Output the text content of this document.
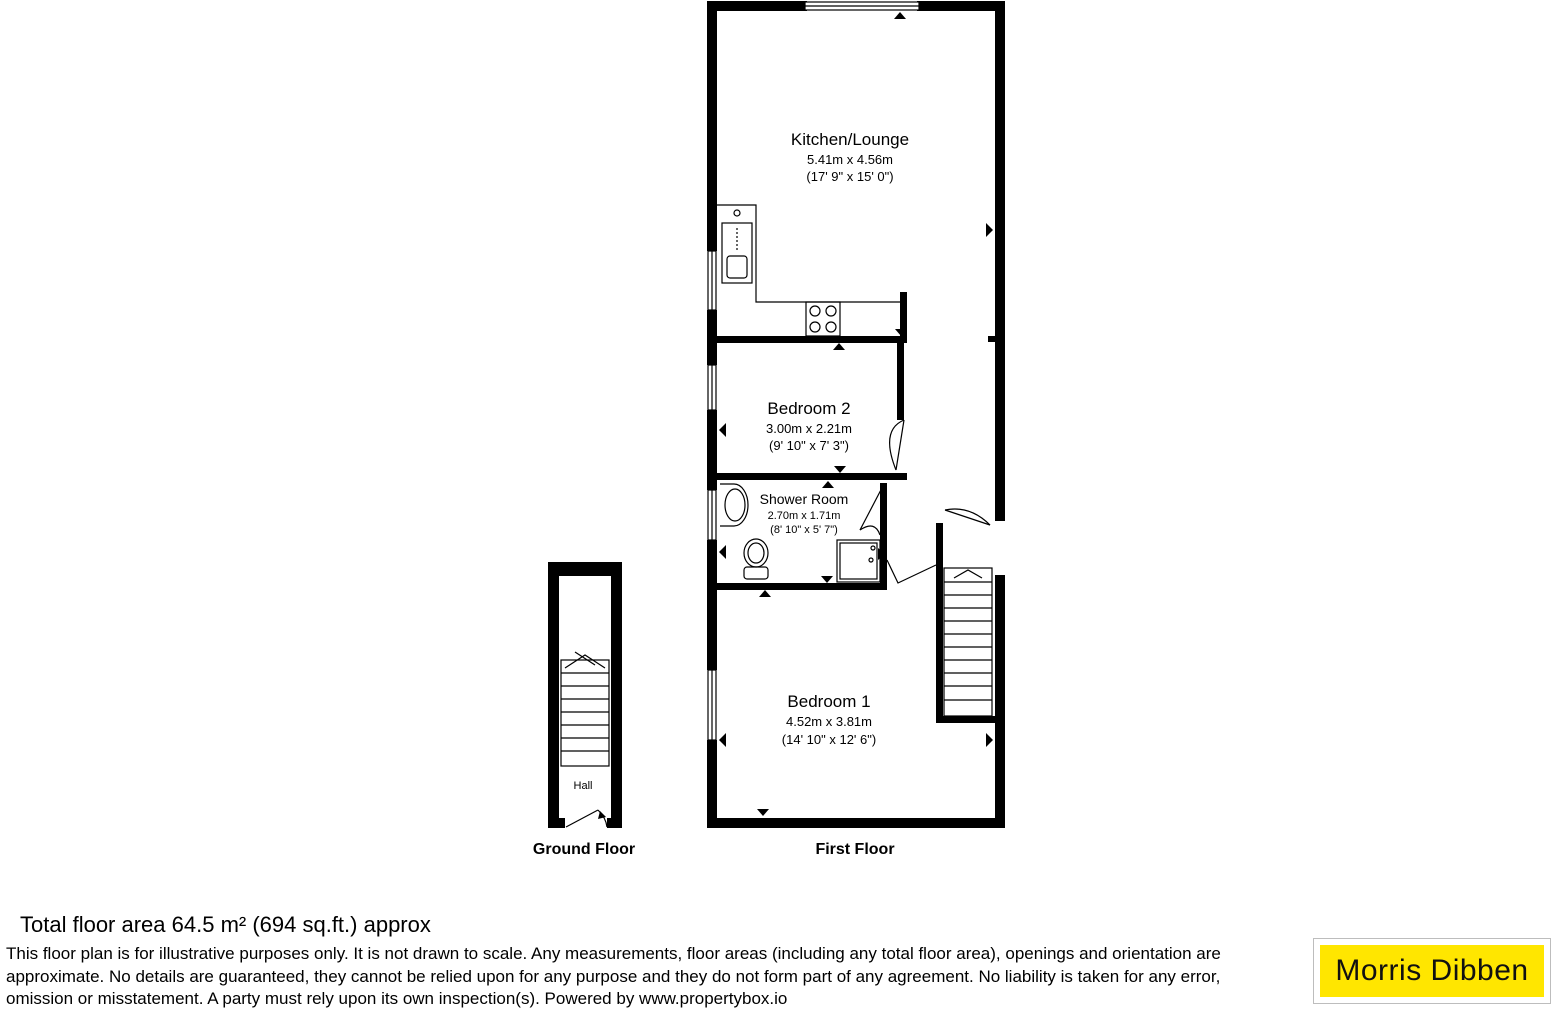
Kitchen/Lounge
5.41m x 4.56m
(17' 9" x 15' 0")
Bedroom 2
3.00m x 2.21m
(9' 10" x 7' 3")
Shower Room
2.70m x 1.71m
(8' 10" x 5' 7")
Bedroom 1
4.52m x 3.81m
(14' 10" x 12' 6")
First Floor
Hall
Ground Floor
Total floor area 64.5 m² (694 sq.ft.) approx
This floor plan is for illustrative purposes only. It is not drawn to scale. Any measurements, floor areas (including any total floor area), openings and orientation are approximate. No details are guaranteed, they cannot be relied upon for any purpose and they do not form part of any agreement. No liability is taken for any error, omission or misstatement. A party must rely upon its own inspection(s). Powered by www.propertybox.io
Morris Dibben
